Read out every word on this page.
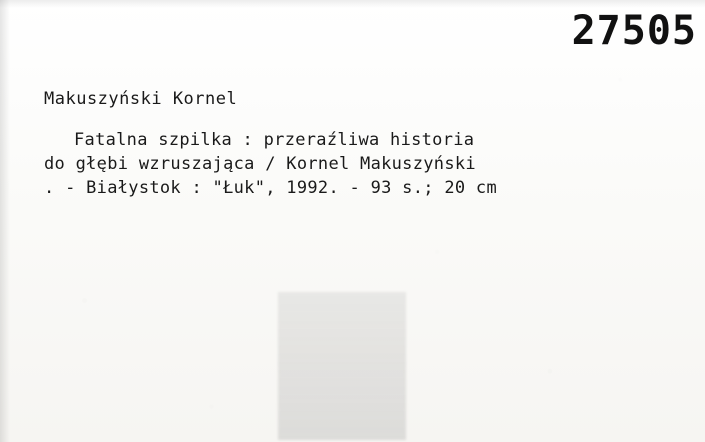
27505
Makuszyński Kornel
Fatalna szpilka : przeraźliwa historia
do głębi wzruszająca / Kornel Makuszyński
. - Białystok : "Łuk", 1992. - 93 s.; 20 cm
